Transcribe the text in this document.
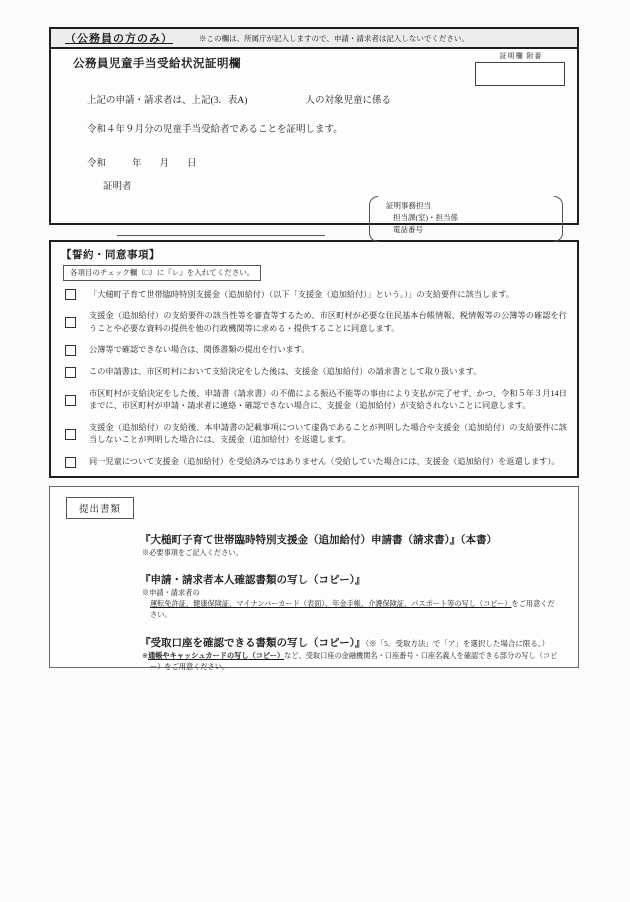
（公務員の方のみ）	※この欄は、所属庁が記入しますので、申請・請求者は記入しないでください。

公務員児童手当受給状況証明欄

証明欄 附番

上記の申請・請求者は、上記(3．表A)	人の対象児童に係る

令和４年９月分の児童手当受給者であることを証明します。

令和	年 月 日

証明者

証明事務担当
担当課(室)・担当係
電話番号

【誓約・同意事項】

各項目のチェック欄（□）に『レ』を入れてください。
「大槌町子育て世帯臨時特別支援金（追加給付）（以下「支援金（追加給付）」という。）」の支給要件に該当します。
支援金（追加給付）の支給要件の該当性等を審査等するため、市区町村が必要な住民基本台帳情報、税情報等の公簿等の確認を行うことや必要な資料の提供を他の行政機関等に求める・提供することに同意します。
公簿等で確認できない場合は、関係書類の提出を行います。
この申請書は、市区町村において支給決定をした後は、支援金（追加給付）の請求書として取り扱います。
市区町村が支給決定をした後、申請書（請求書）の不備による振込不能等の事由により支払が完了せず、かつ、令和５年３月14日までに、市区町村が申請・請求者に連絡・確認できない場合に、支援金（追加給付）が支給されないことに同意します。
支援金（追加給付）の支給後、本申請書の記載事項について虚偽であることが判明した場合や支援金（追加給付）の支給要件に該当しないことが判明した場合には、支援金（追加給付）を返還します。
同一児童について支援金（追加給付）を受給済みではありません（受給していた場合には、支援金（追加給付）を返還します）。
提出書類

『大槌町子育て世帯臨時特別支援金（追加給付）申請書（請求書）』（本書）

※必要事項をご記入ください。

『申請・請求者本人確認書類の写し（コピー）』

※申請・請求者の運転免許証、健康保険証、マイナンバーカード（表面）、年金手帳、介護保険証、パスポート等の写し（コピー）をご用意ください。

『受取口座を確認できる書類の写し（コピー）』（※「5．受取方法」で「ア」を選択した場合に限る。）

※通帳やキャッシュカードの写し（コピー）など、受取口座の金融機関名・口座番号・口座名義人を確認できる部分の写し（コピー）をご用意ください。
